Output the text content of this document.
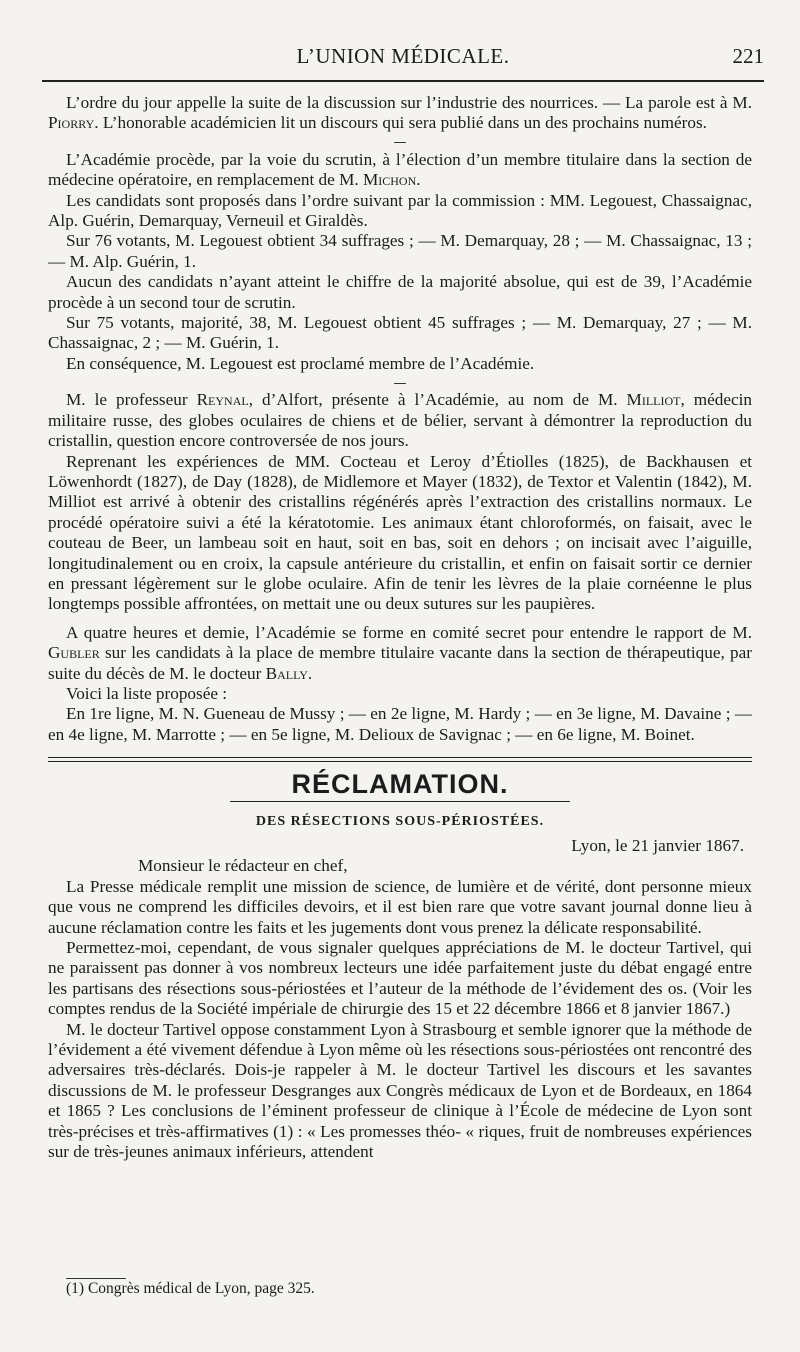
L’UNION MÉDICALE.	221

L’ordre du jour appelle la suite de la discussion sur l’industrie des nourrices. — La parole est à M. Piorry. L’honorable académicien lit un discours qui sera publié dans un des prochains numéros.

L’Académie procède, par la voie du scrutin, à l’élection d’un membre titulaire dans la section de médecine opératoire, en remplacement de M. Michon.

Les candidats sont proposés dans l’ordre suivant par la commission : MM. Legouest, Chassaignac, Alp. Guérin, Demarquay, Verneuil et Giraldès.

Sur 76 votants, M. Legouest obtient 34 suffrages ; — M. Demarquay, 28 ; — M. Chassaignac, 13 ; — M. Alp. Guérin, 1.

Aucun des candidats n’ayant atteint le chiffre de la majorité absolue, qui est de 39, l’Académie procède à un second tour de scrutin.

Sur 75 votants, majorité, 38, M. Legouest obtient 45 suffrages ; — M. Demarquay, 27 ; — M. Chassaignac, 2 ; — M. Guérin, 1.

En conséquence, M. Legouest est proclamé membre de l’Académie.

M. le professeur Reynal, d’Alfort, présente à l’Académie, au nom de M. Milliot, médecin militaire russe, des globes oculaires de chiens et de bélier, servant à démontrer la reproduction du cristallin, question encore controversée de nos jours.

Reprenant les expériences de MM. Cocteau et Leroy d’Étiolles (1825), de Backhausen et Löwenhordt (1827), de Day (1828), de Midlemore et Mayer (1832), de Textor et Valentin (1842), M. Milliot est arrivé à obtenir des cristallins régénérés après l’extraction des cristallins normaux. Le procédé opératoire suivi a été la kératotomie. Les animaux étant chloroformés, on faisait, avec le couteau de Beer, un lambeau soit en haut, soit en bas, soit en dehors ; on incisait avec l’aiguille, longitudinalement ou en croix, la capsule antérieure du cristallin, et enfin on faisait sortir ce dernier en pressant légèrement sur le globe oculaire. Afin de tenir les lèvres de la plaie cornéenne le plus longtemps possible affrontées, on mettait une ou deux sutures sur les paupières.

A quatre heures et demie, l’Académie se forme en comité secret pour entendre le rapport de M. Gubler sur les candidats à la place de membre titulaire vacante dans la section de thérapeutique, par suite du décès de M. le docteur Bally.

Voici la liste proposée :

En 1re ligne, M. N. Gueneau de Mussy ; — en 2e ligne, M. Hardy ; — en 3e ligne, M. Davaine ; — en 4e ligne, M. Marrotte ; — en 5e ligne, M. Delioux de Savignac ; — en 6e ligne, M. Boinet.

RÉCLAMATION.
DES RÉSECTIONS SOUS-PÉRIOSTÉES.
Lyon, le 21 janvier 1867.

Monsieur le rédacteur en chef,

La Presse médicale remplit une mission de science, de lumière et de vérité, dont personne mieux que vous ne comprend les difficiles devoirs, et il est bien rare que votre savant journal donne lieu à aucune réclamation contre les faits et les jugements dont vous prenez la délicate responsabilité.

Permettez-moi, cependant, de vous signaler quelques appréciations de M. le docteur Tartivel, qui ne paraissent pas donner à vos nombreux lecteurs une idée parfaitement juste du débat engagé entre les partisans des résections sous-périostées et l’auteur de la méthode de l’évidement des os. (Voir les comptes rendus de la Société impériale de chirurgie des 15 et 22 décembre 1866 et 8 janvier 1867.)

M. le docteur Tartivel oppose constamment Lyon à Strasbourg et semble ignorer que la méthode de l’évidement a été vivement défendue à Lyon même où les résections sous-périostées ont rencontré des adversaires très-déclarés. Dois-je rappeler à M. le docteur Tartivel les discours et les savantes discussions de M. le professeur Desgranges aux Congrès médicaux de Lyon et de Bordeaux, en 1864 et 1865 ? Les conclusions de l’éminent professeur de clinique à l’École de médecine de Lyon sont très-précises et très-affirmatives (1) : « Les promesses théo- « riques, fruit de nombreuses expériences sur de très-jeunes animaux inférieurs, attendent

(1) Congrès médical de Lyon, page 325.
